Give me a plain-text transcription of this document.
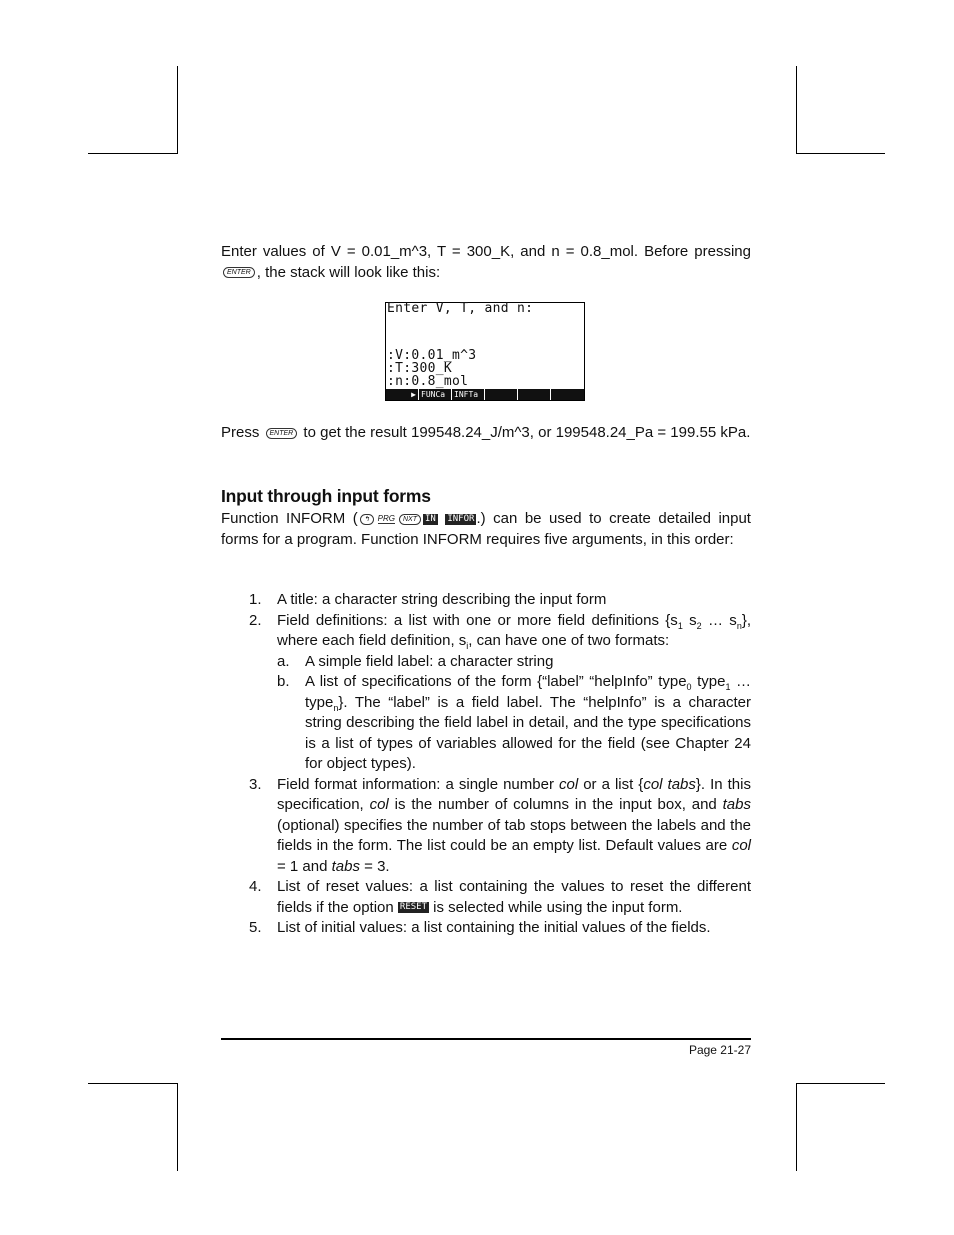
Enter values of V = 0.01_m^3, T = 300_K, and n = 0.8_mol. Before pressing ENTER , the stack will look like this:
Enter V, T, and n:
:V:0.01_m^3
:T:300_K
:n:0.8_mol
▶ FUNCa	INFTa
Press ENTER to get the result 199548.24_J/m^3, or 199548.24_Pa = 199.55 kPa.
Input through input forms
Function INFORM ( ↰ PRG NXT IN INFOR .) can be used to create detailed input forms for a program. Function INFORM requires five arguments, in this order:
1. A title: a character string describing the input form
2. Field definitions: a list with one or more field definitions {$s_1$ $s_2$ … $s_n$}, where each field definition, $s_i$, can have one of two formats:
a. A simple field label: a character string
b. A list of specifications of the form {“label” “helpInfo” type$_0$ type$_1$ … type$_n$}. The “label” is a field label. The “helpInfo” is a character string describing the field label in detail, and the type specifications is a list of types of variables allowed for the field (see Chapter 24 for object types).
3. Field format information: a single number col or a list {col tabs}. In this specification, col is the number of columns in the input box, and tabs (optional) specifies the number of tab stops between the labels and the fields in the form. The list could be an empty list. Default values are col = 1 and tabs = 3.
4. List of reset values: a list containing the values to reset the different fields if the option RESET is selected while using the input form.
5. List of initial values: a list containing the initial values of the fields.
Page 21-27
